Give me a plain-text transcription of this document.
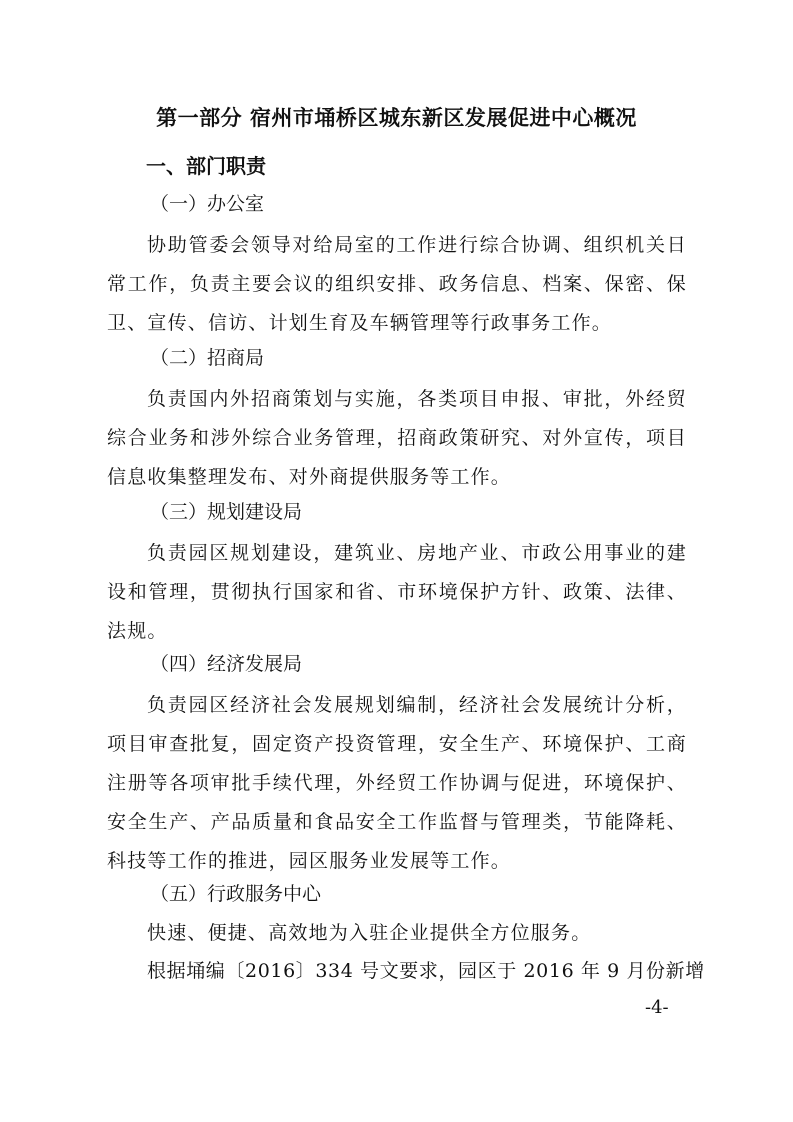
第一部分 宿州市埇桥区城东新区发展促进中心概况
一、部门职责
（一）办公室

协助管委会领导对给局室的工作进行综合协调、组织机关日常工作，负责主要会议的组织安排、政务信息、档案、保密、保卫、宣传、信访、计划生育及车辆管理等行政事务工作。

（二）招商局

负责国内外招商策划与实施，各类项目申报、审批，外经贸综合业务和涉外综合业务管理，招商政策研究、对外宣传，项目信息收集整理发布、对外商提供服务等工作。

（三）规划建设局

负责园区规划建设，建筑业、房地产业、市政公用事业的建设和管理，贯彻执行国家和省、市环境保护方针、政策、法律、法规。

（四）经济发展局

负责园区经济社会发展规划编制，经济社会发展统计分析，项目审查批复，固定资产投资管理，安全生产、环境保护、工商注册等各项审批手续代理，外经贸工作协调与促进，环境保护、安全生产、产品质量和食品安全工作监督与管理类，节能降耗、科技等工作的推进，园区服务业发展等工作。

（五）行政服务中心

快速、便捷、高效地为入驻企业提供全方位服务。

根据埇编〔2016〕334 号文要求，园区于 2016 年 9 月份新增

-4-
